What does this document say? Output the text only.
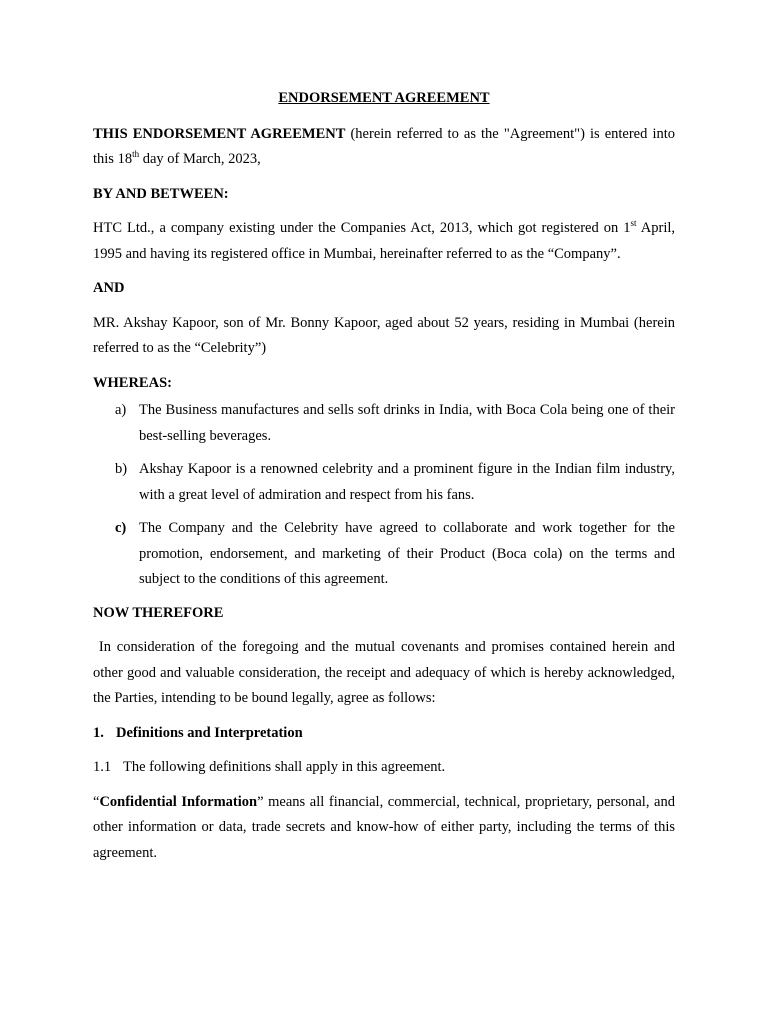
ENDORSEMENT AGREEMENT

THIS ENDORSEMENT AGREEMENT (herein referred to as the "Agreement") is entered into this 18th day of March, 2023,

BY AND BETWEEN:

HTC Ltd., a company existing under the Companies Act, 2013, which got registered on 1st April, 1995 and having its registered office in Mumbai, hereinafter referred to as the “Company”.

AND

MR. Akshay Kapoor, son of Mr. Bonny Kapoor, aged about 52 years, residing in Mumbai (herein referred to as the “Celebrity”)

WHEREAS:

a) The Business manufactures and sells soft drinks in India, with Boca Cola being one of their best-selling beverages.
b) Akshay Kapoor is a renowned celebrity and a prominent figure in the Indian film industry, with a great level of admiration and respect from his fans.
c) The Company and the Celebrity have agreed to collaborate and work together for the promotion, endorsement, and marketing of their Product (Boca cola) on the terms and subject to the conditions of this agreement.

NOW THEREFORE

In consideration of the foregoing and the mutual covenants and promises contained herein and other good and valuable consideration, the receipt and adequacy of which is hereby acknowledged, the Parties, intending to be bound legally, agree as follows:

1. Definitions and Interpretation
1.1 The following definitions shall apply in this agreement.

“Confidential Information” means all financial, commercial, technical, proprietary, personal, and other information or data, trade secrets and know-how of either party, including the terms of this agreement.
